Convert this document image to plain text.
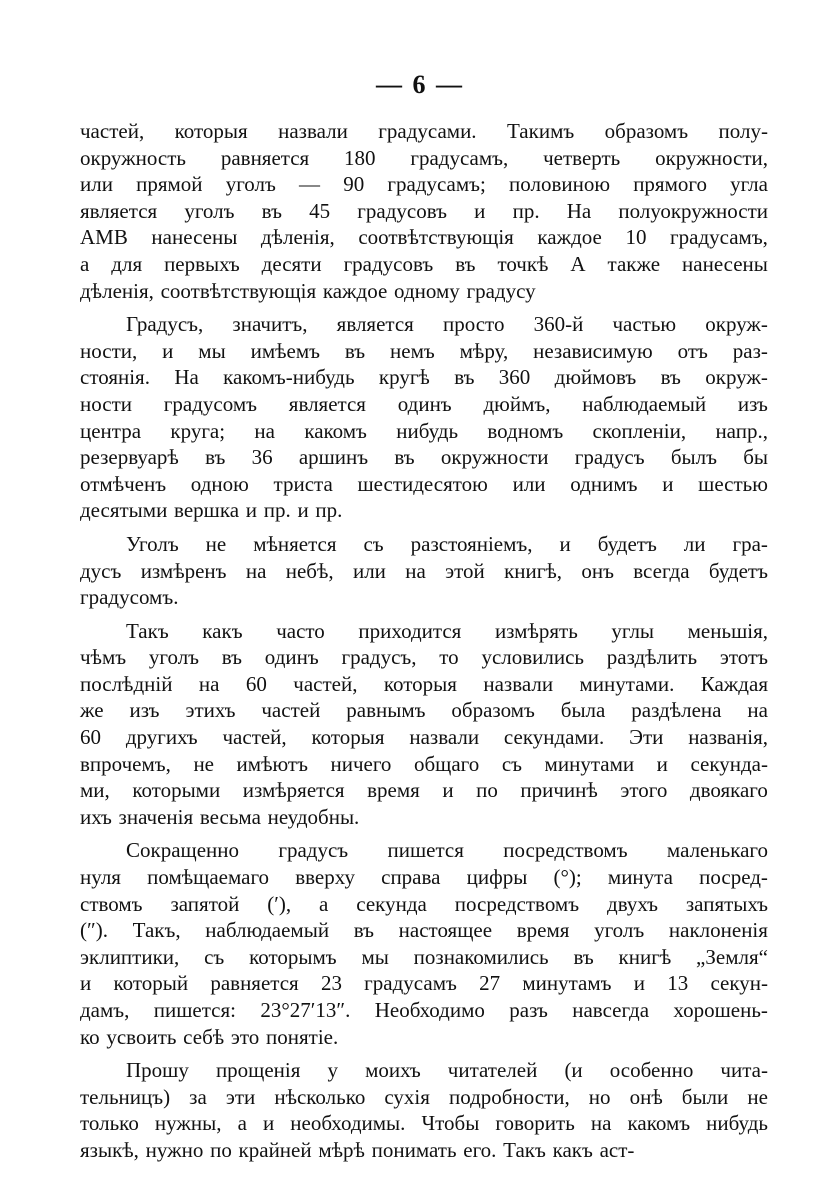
— 6 —
частей, которыя назвали градусами. Такимъ образомъ полу-
окружность равняется 180 градусамъ, четверть окружности,
или прямой уголъ — 90 градусамъ; половиною прямого угла
является уголъ въ 45 градусовъ и пр. На полуокружности
АМВ нанесены дѣленія, соотвѣтствующія каждое 10 градусамъ,
а для первыхъ десяти градусовъ въ точкѣ А также нанесены
дѣленія, соотвѣтствующія каждое одному градусу
Градусъ, значитъ, является просто 360-й частью окруж-
ности, и мы имѣемъ въ немъ мѣру, независимую отъ раз-
стоянія. На какомъ-нибудь кругѣ въ 360 дюймовъ въ окруж-
ности градусомъ является одинъ дюймъ, наблюдаемый изъ
центра круга; на какомъ нибудь водномъ скопленіи, напр.,
резервуарѣ въ 36 аршинъ въ окружности градусъ былъ бы
отмѣченъ одною триста шестидесятою или однимъ и шестью
десятыми вершка и пр. и пр.
Уголъ не мѣняется съ разстояніемъ, и будетъ ли гра-
дусъ измѣренъ на небѣ, или на этой книгѣ, онъ всегда будетъ
градусомъ.
Такъ какъ часто приходится измѣрять углы меньшія,
чѣмъ уголъ въ одинъ градусъ, то условились раздѣлить этотъ
послѣдній на 60 частей, которыя назвали минутами. Каждая
же изъ этихъ частей равнымъ образомъ была раздѣлена на
60 другихъ частей, которыя назвали секундами. Эти названія,
впрочемъ, не имѣютъ ничего общаго съ минутами и секунда-
ми, которыми измѣряется время и по причинѣ этого двоякаго
ихъ значенія весьма неудобны.
Сокращенно градусъ пишется посредствомъ маленькаго
нуля помѣщаемаго вверху справа цифры (°); минута посред-
ствомъ запятой (′), а секунда посредствомъ двухъ запятыхъ
(″). Такъ, наблюдаемый въ настоящее время уголъ наклоненія
эклиптики, съ которымъ мы познакомились въ книгѣ „Земля“
и который равняется 23 градусамъ 27 минутамъ и 13 секун-
дамъ, пишется: 23°27′13″. Необходимо разъ навсегда хорошень-
ко усвоить себѣ это понятіе.
Прошу прощенія у моихъ читателей (и особенно чита-
тельницъ) за эти нѣсколько сухія подробности, но онѣ были не
только нужны, а и необходимы. Чтобы говорить на какомъ нибудь
языкѣ, нужно по крайней мѣрѣ понимать его. Такъ какъ аст-
